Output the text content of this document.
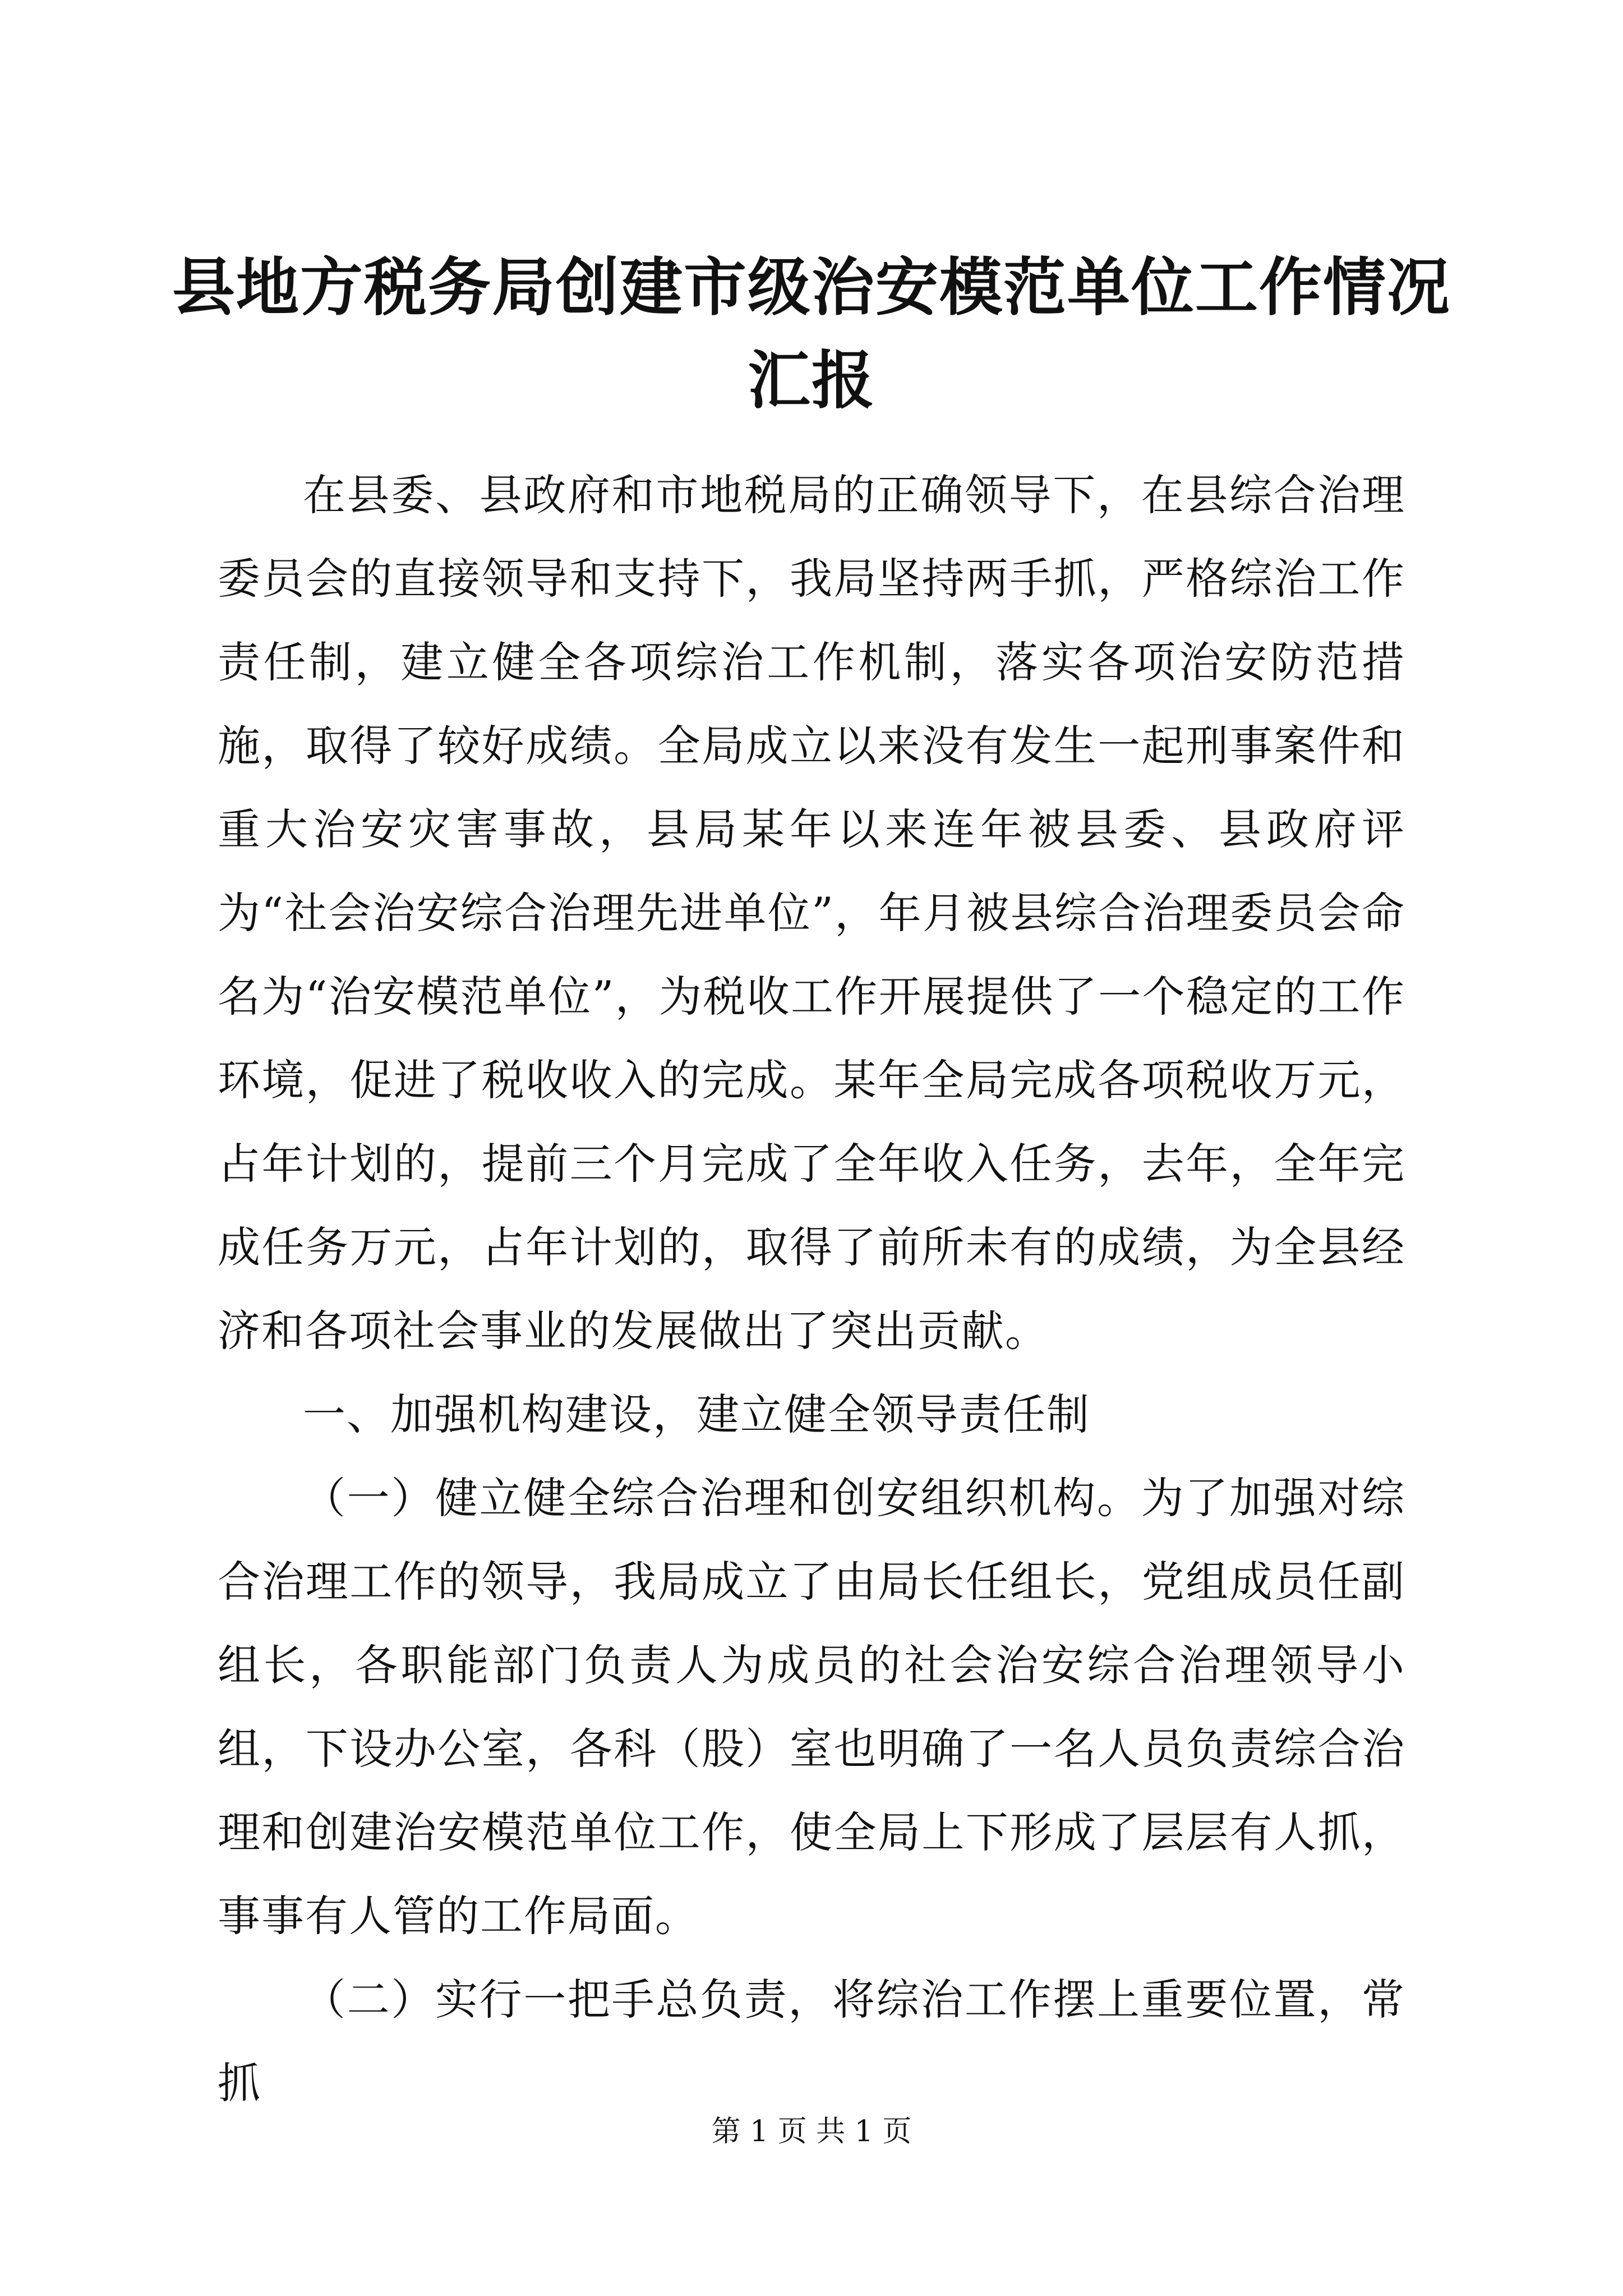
县地方税务局创建市级治安模范单位工作情况汇报

在县委、县政府和市地税局的正确领导下，在县综合治理委员会的直接领导和支持下，我局坚持两手抓，严格综治工作责任制，建立健全各项综治工作机制，落实各项治安防范措施，取得了较好成绩。全局成立以来没有发生一起刑事案件和重大治安灾害事故，县局某年以来连年被县委、县政府评为“社会治安综合治理先进单位”，年月被县综合治理委员会命名为“治安模范单位”，为税收工作开展提供了一个稳定的工作环境，促进了税收收入的完成。某年全局完成各项税收万元，占年计划的，提前三个月完成了全年收入任务，去年，全年完成任务万元，占年计划的，取得了前所未有的成绩，为全县经济和各项社会事业的发展做出了突出贡献。

一、加强机构建设，建立健全领导责任制

（一）健立健全综合治理和创安组织机构。为了加强对综合治理工作的领导，我局成立了由局长任组长，党组成员任副组长，各职能部门负责人为成员的社会治安综合治理领导小组，下设办公室，各科（股）室也明确了一名人员负责综合治理和创建治安模范单位工作，使全局上下形成了层层有人抓，事事有人管的工作局面。

（二）实行一把手总负责，将综治工作摆上重要位置，常抓

第 1 页 共 1 页
